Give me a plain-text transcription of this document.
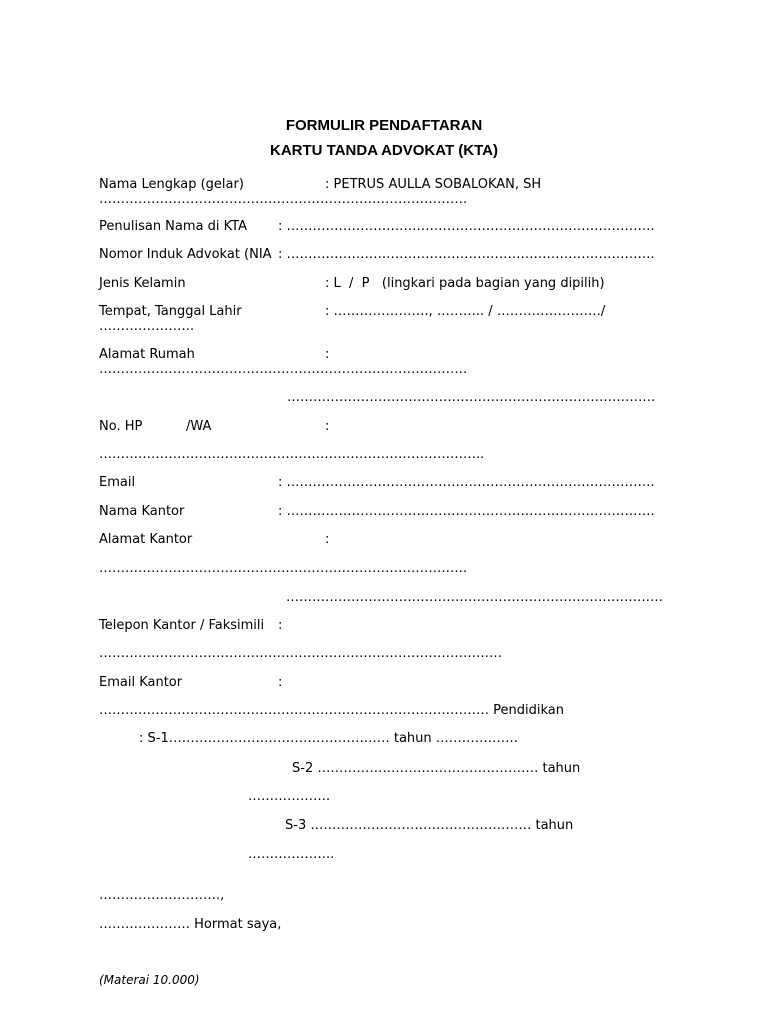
FORMULIR PENDAFTARAN
KARTU TANDA ADVOKAT (KTA)
Nama Lengkap (gelar)	: PETRUS AULLA SOBALOKAN, SH
………………………………………………………………………….
Penulisan Nama di KTA : ………………………………………………………………………….
Nomor Induk Advokat (NIA : ………………………………………………………………………….
Jenis Kelamin	: L  /  P   (lingkari pada bagian yang dipilih)
Tempat, Tanggal Lahir	: …………………., ……….. / ……………………/
………………….
Alamat Rumah	:
………………………………………………………………………….
………………………………………………………………………….
No. HP	/WA	:
……………………………………………………………………………..
Email	: ………………………………………………………………………….
Nama Kantor	: ………………………………………………………………………….
Alamat Kantor	:
………………………………………………………………………….
……………………………………………………………………………
Telepon Kantor / Faksimili :
…………………………………………………………………………………
Email Kantor	:
……………………………………………………………………………… Pendidikan
: S-1…………………………………………… tahun ……………….
S-2 …………………………………………… tahun
……………….
S-3 …………………………………………… tahun
………………..
……………………….,
………………… Hormat saya,
(Materai 10.000)
